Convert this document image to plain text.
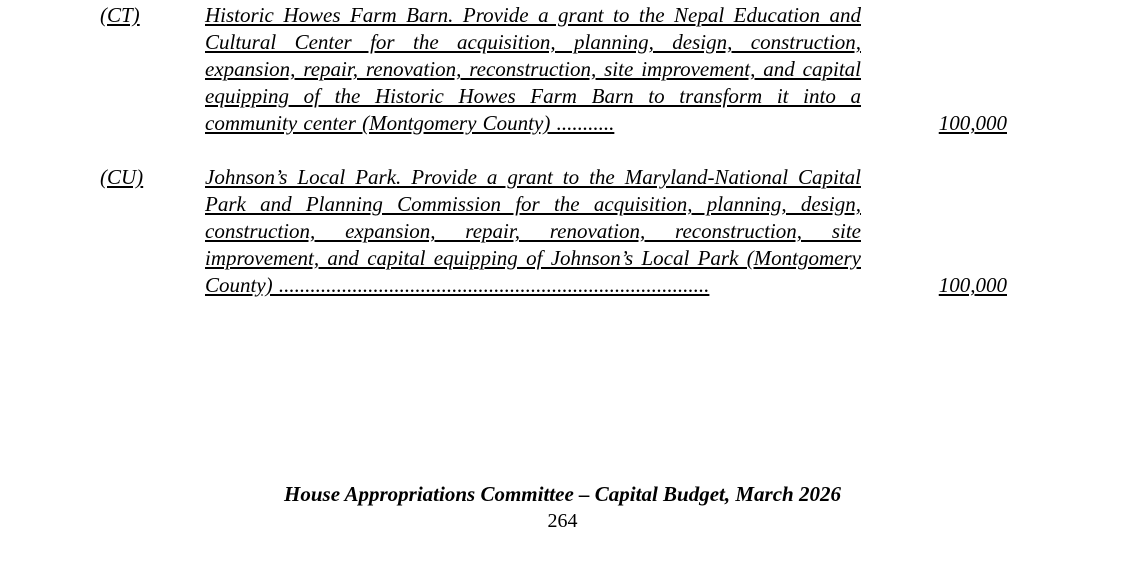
(CT)	Historic Howes Farm Barn. Provide a grant to the Nepal Education and Cultural Center for the acquisition, planning, design, construction, expansion, repair, renovation, reconstruction, site improvement, and capital equipping of the Historic Howes Farm Barn to transform it into a community center (Montgomery County) ...........	100,000
(CU)	Johnson’s Local Park. Provide a grant to the Maryland-National Capital Park and Planning Commission for the acquisition, planning, design, construction, expansion, repair, renovation, reconstruction, site improvement, and capital equipping of Johnson’s Local Park (Montgomery County) ..................................................................................	100,000
House Appropriations Committee – Capital Budget, March 2026
264
